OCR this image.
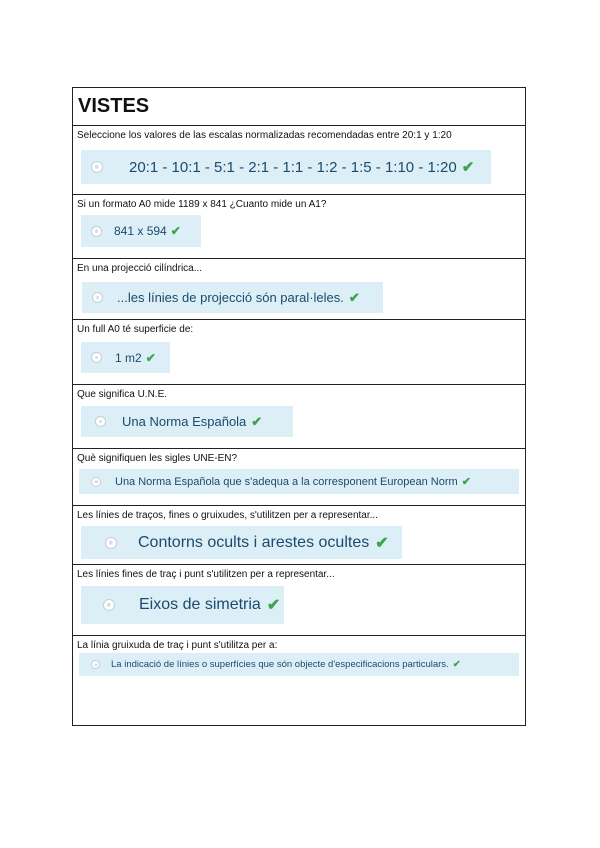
VISTES
Seleccione los valores de las escalas normalizadas recomendadas entre 20:1 y 1:20
20:1 - 10:1 - 5:1 - 2:1 - 1:1 - 1:2 - 1:5 - 1:10 - 1:20 ✔
Si un formato A0 mide 1189 x 841 ¿Cuanto mide un A1?
841 x 594 ✔
En una projecció cilíndrica...
...les línies de projecció són paral·leles. ✔
Un full A0 té superficie de:
1 m2 ✔
Que significa U.N.E.
Una Norma Española ✔
Què signifiquen les sigles UNE-EN?
Una Norma Española que s'adequa a la corresponent European Norm ✔
Les línies de traços, fines o gruixudes, s'utilitzen per a representar...
Contorns ocults i arestes ocultes ✔
Les línies fines de traç i punt s'utilitzen per a representar...
Eixos de simetria ✔
La línia gruixuda de traç i punt s'utilitza per a:
La indicació de línies o superfícies que són objecte d'especificacions particulars. ✔
